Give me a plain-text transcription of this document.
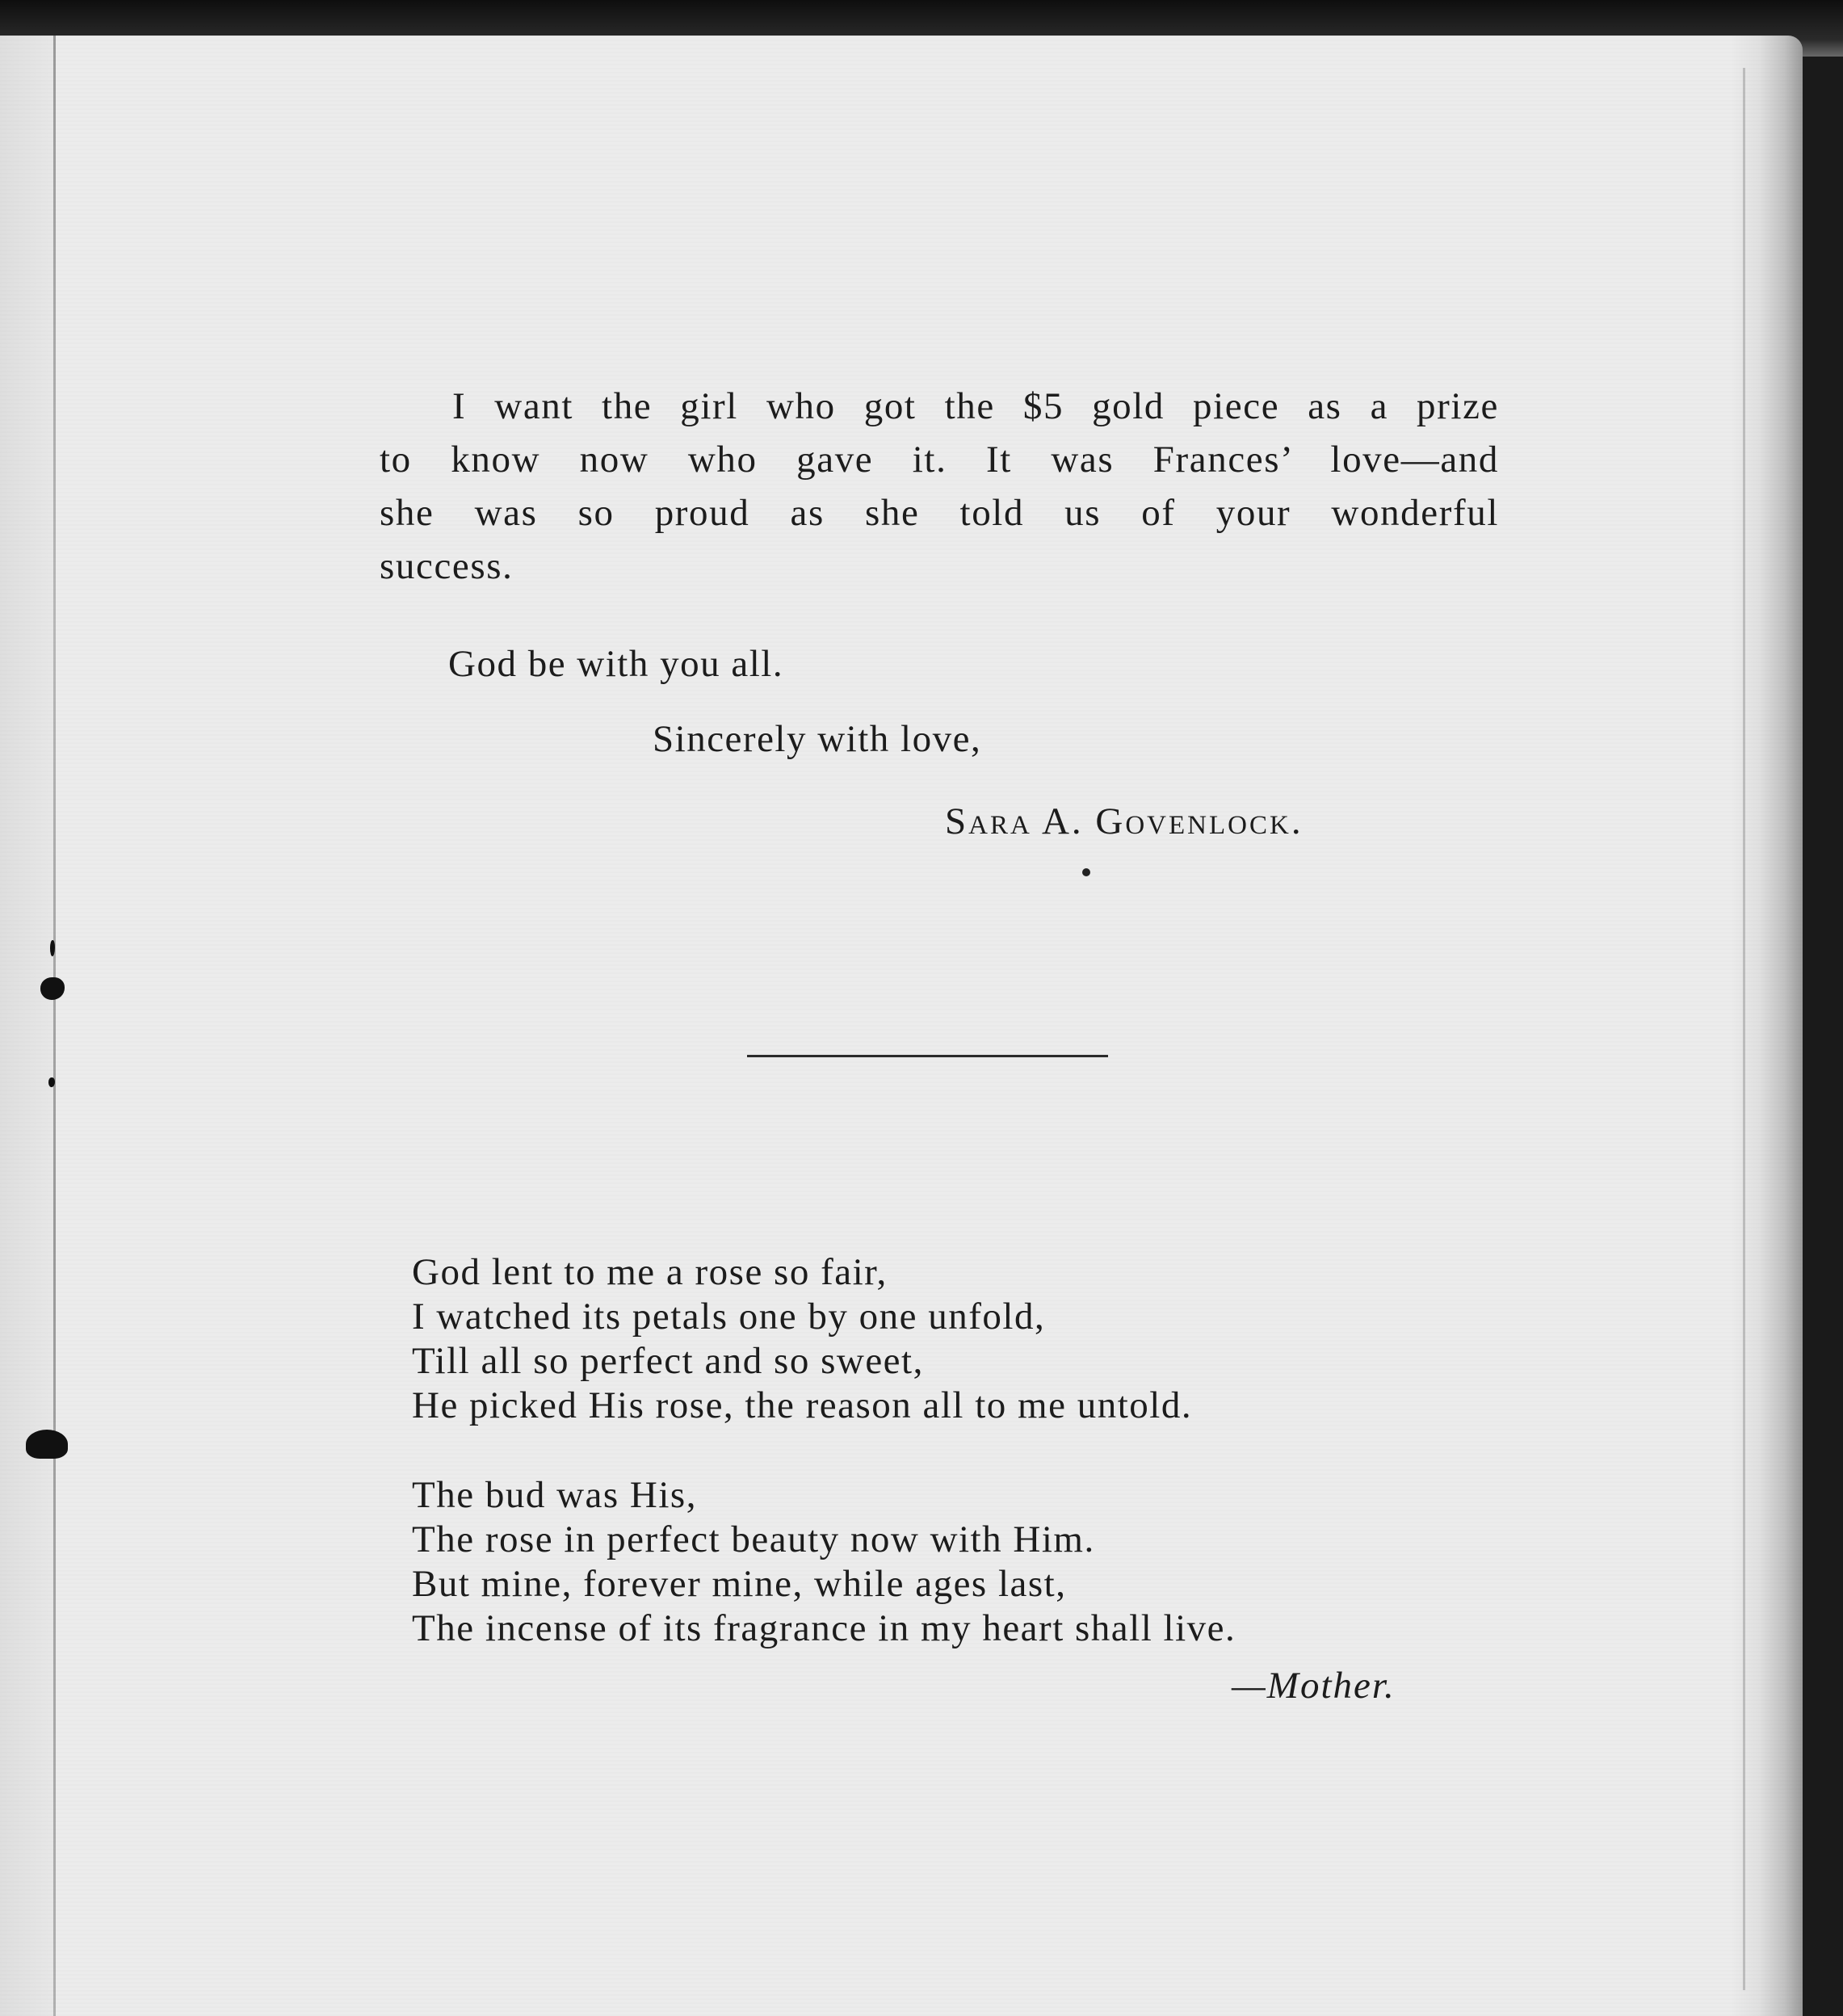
I want the girl who got the $5 gold piece as a prize
to know now who gave it. It was Frances’ love—and
she was so proud as she told us of your wonderful
success.
God be with you all.
Sincerely with love,
Sara A. Govenlock.
God lent to me a rose so fair,
I watched its petals one by one unfold,
Till all so perfect and so sweet,
He picked His rose, the reason all to me untold.
The bud was His,
The rose in perfect beauty now with Him.
But mine, forever mine, while ages last,
The incense of its fragrance in my heart shall live.
—Mother.
